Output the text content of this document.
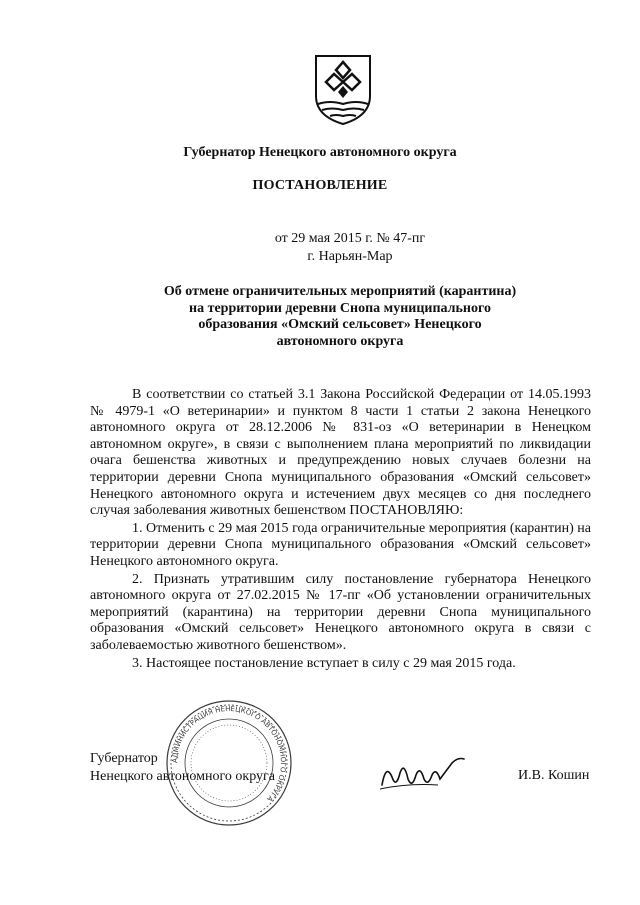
Губернатор Ненецкого автономного округа
ПОСТАНОВЛЕНИЕ
от 29 мая 2015 г. № 47-пг
г. Нарьян-Мар
Об отмене ограничительных мероприятий (карантина)
на территории деревни Снопа муниципального
образования «Омский сельсовет» Ненецкого
автономного округа

В соответствии со статьей 3.1 Закона Российской Федерации от 14.05.1993 № 4979-1 «О ветеринарии» и пунктом 8 части 1 статьи 2 закона Ненецкого автономного округа от 28.12.2006 № 831-оз «О ветеринарии в Ненецком автономном округе», в связи с выполнением плана мероприятий по ликвидации очага бешенства животных и предупреждению новых случаев болезни на территории деревни Снопа муниципального образования «Омский сельсовет» Ненецкого автономного округа и истечением двух месяцев со дня последнего случая заболевания животных бешенством ПОСТАНОВЛЯЮ:

1. Отменить с 29 мая 2015 года ограничительные мероприятия (карантин) на территории деревни Снопа муниципального образования «Омский сельсовет» Ненецкого автономного округа.

2. Признать утратившим силу постановление губернатора Ненецкого автономного округа от 27.02.2015 № 17-пг «Об установлении ограничительных мероприятий (карантина) на территории деревни Снопа муниципального образования «Омский сельсовет» Ненецкого автономного округа в связи с заболеваемостью животного бешенством».

3. Настоящее постановление вступает в силу с 29 мая 2015 года.

АДМИНИСТРАЦИЯ НЕНЕЦКОГО АВТОНОМНОГО ОКРУГА
Губернатор
Ненецкого автономного округа	И.В. Кошин
